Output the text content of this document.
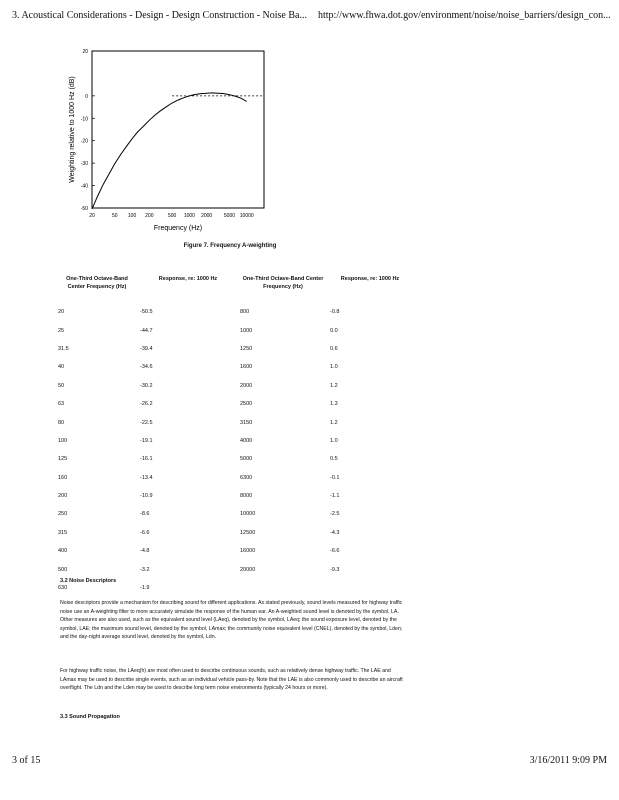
3. Acoustical Considerations - Design - Design Construction - Noise Ba... http://www.fhwa.dot.gov/environment/noise/noise_barriers/design_con...
20
0
-10
-20
-30
-40
-50
20	50 100 200	500 1000 2000 5000 10000
Frequency (Hz)
Weighting relative to 1000 Hz (dB)
Figure 7. Frequency A-weighting
One-Third Octave-Band Center Frequency (Hz)	Response, re: 1000 Hz	One-Third Octave-Band Center Frequency (Hz)	Response, re: 1000 Hz
20	-50.5	800	-0.8
25	-44.7	1000	0.0
31.5	-39.4	1250	0.6
40	-34.6	1600	1.0
50	-30.2	2000	1.2
63	-26.2	2500	1.3
80	-22.5	3150	1.2
100	-19.1	4000	1.0
125	-16.1	5000	0.5
160	-13.4	6300	-0.1
200	-10.9	8000	-1.1
250	-8.6	10000	-2.5
315	-6.6	12500	-4.3
400	-4.8	16000	-6.6
500	-3.2	20000	-9.3
630	-1.9		
3.2 Noise Descriptors
Noise descriptors provide a mechanism for describing sound for different applications. As stated previously, sound levels measured for highway traffic noise use an A-weighting filter to more accurately simulate the response of the human ear. An A-weighted sound level is denoted by the symbol, LA. Other measures are also used, such as the equivalent sound level (LAeq), denoted by the symbol, LAeq; the sound exposure level, denoted by the symbol, LAE; the maximum sound level, denoted by the symbol, LAmax; the community noise equivalent level (CNEL), denoted by the symbol, Lden; and the day-night average sound level, denoted by the symbol, Ldn.
For highway traffic noise, the LAeq(h) are most often used to describe continuous sounds, such as relatively dense highway traffic. The LAE and LAmax may be used to describe single events, such as an individual vehicle pass-by. Note that the LAE is also commonly used to describe an aircraft overflight. The Ldn and the Lden may be used to describe long term noise environments (typically 24 hours or more).
3.3 Sound Propagation
3 of 15	3/16/2011 9:09 PM
